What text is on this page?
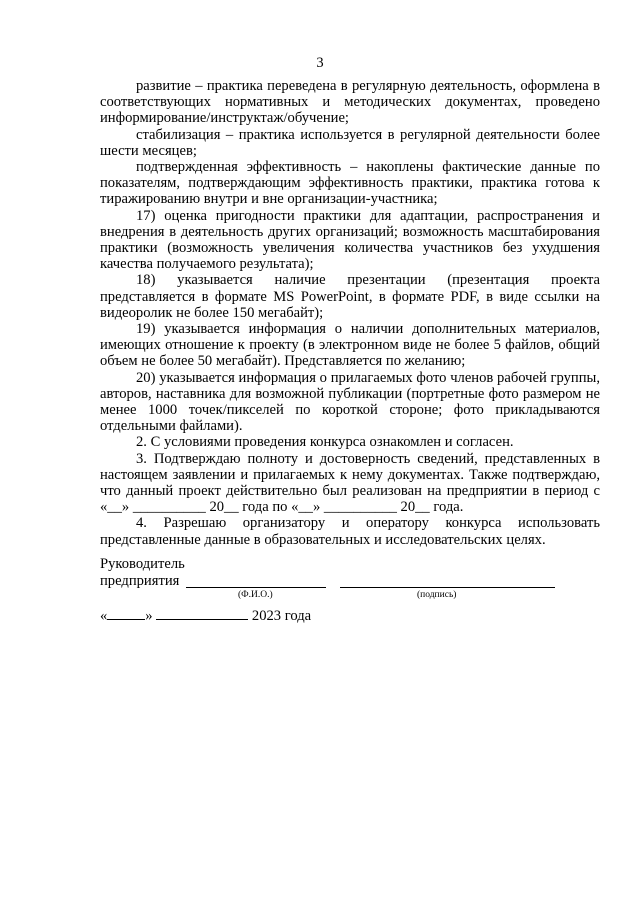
3

развитие – практика переведена в регулярную деятельность, оформлена в соответствующих нормативных и методических документах, проведено информирование/инструктаж/обучение;

стабилизация – практика используется в регулярной деятельности более шести месяцев;

подтвержденная эффективность – накоплены фактические данные по показателям, подтверждающим эффективность практики, практика готова к тиражированию внутри и вне организации-участника;

17) оценка пригодности практики для адаптации, распространения и внедрения в деятельность других организаций; возможность масштабирования практики (возможность увеличения количества участников без ухудшения качества получаемого результата);

18) указывается наличие презентации (презентация проекта представляется в формате MS PowerPoint, в формате PDF, в виде ссылки на видеоролик не более 150 мегабайт);

19) указывается информация о наличии дополнительных материалов, имеющих отношение к проекту (в электронном виде не более 5 файлов, общий объем не более 50 мегабайт). Представляется по желанию;

20) указывается информация о прилагаемых фото членов рабочей группы, авторов, наставника для возможной публикации (портретные фото размером не менее 1000 точек/пикселей по короткой стороне; фото прикладываются отдельными файлами).

2. С условиями проведения конкурса ознакомлен и согласен.

3. Подтверждаю полноту и достоверность сведений, представленных в настоящем заявлении и прилагаемых к нему документах. Также подтверждаю, что данный проект действительно был реализован на предприятии в период с «__» __________ 20__ года по «__» __________ 20__ года.

4. Разрешаю организатору и оператору конкурса использовать представленные данные в образовательных и исследовательских целях.

Руководитель
предприятия
(Ф.И.О.)	(подпись)
«	»	2023 года
